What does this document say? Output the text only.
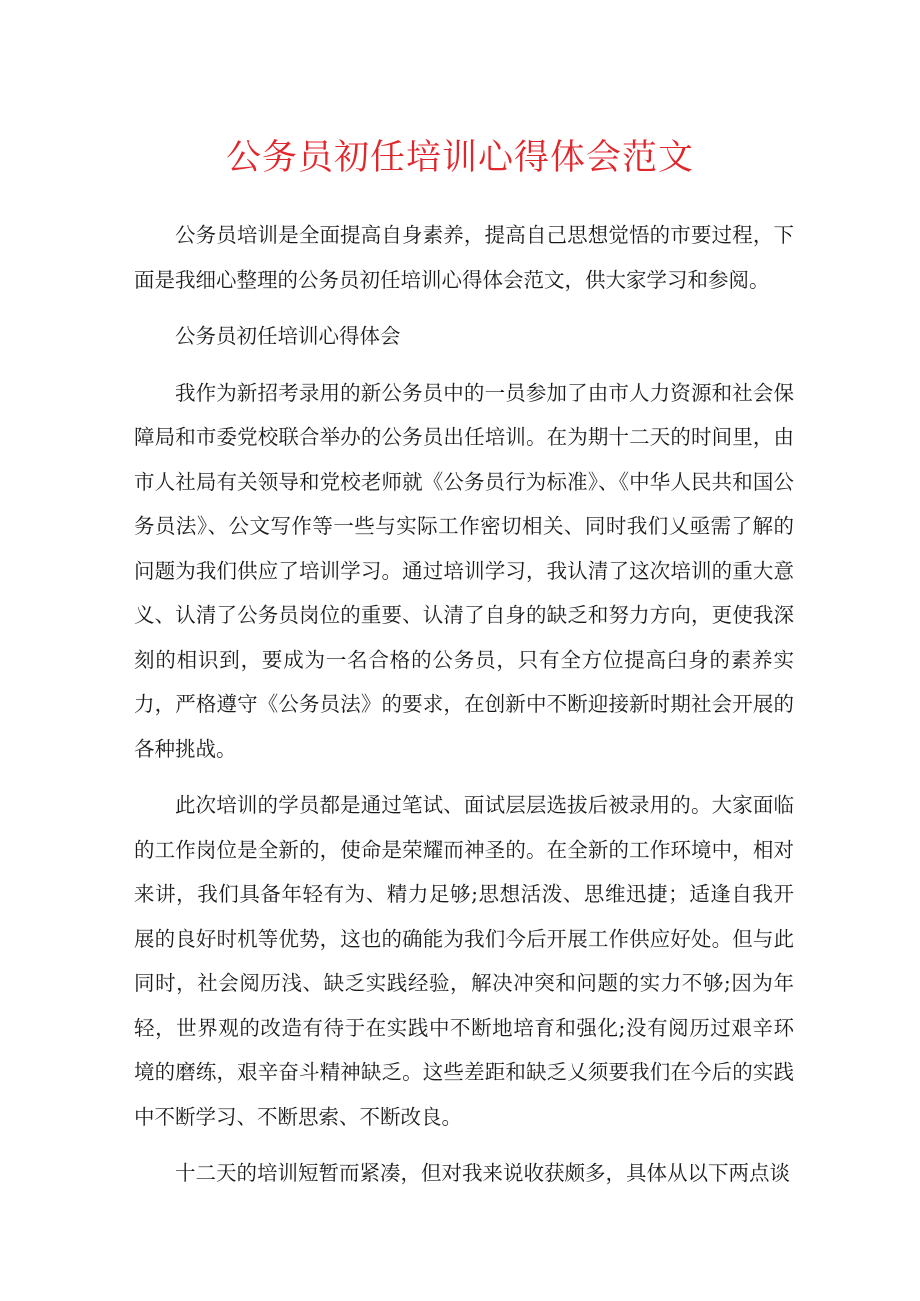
公务员初任培训心得体会范文

公务员培训是全面提高自身素养，提高自己思想觉悟的市要过程，下面是我细心整理的公务员初任培训心得体会范文，供大家学习和参阅。

公务员初任培训心得体会

我作为新招考录用的新公务员中的一员参加了由市人力资源和社会保障局和市委党校联合举办的公务员出任培训。在为期十二天的时间里，由市人社局有关领导和党校老师就《公务员行为标准》、《中华人民共和国公务员法》、公文写作等一些与实际工作密切相关、同时我们乂亟需了解的问题为我们供应了培训学习。通过培训学习，我认清了这次培训的重大意义、认清了公务员岗位的重要、认清了自身的缺乏和努力方向，更使我深刻的相识到，要成为一名合格的公务员，只有全方位提高臼身的素养实力，严格遵守《公务员法》的要求，在创新中不断迎接新时期社会开展的各种挑战。

此次培训的学员都是通过笔试、面试层层选拔后被录用的。大家面临的工作岗位是全新的，使命是荣耀而神圣的。在全新的工作环境中，相对来讲，我们具备年轻有为、精力足够;思想活泼、思维迅捷；适逢自我开展的良好时机等优势，这也的确能为我们今后开展工作供应好处。但与此同时，社会阅历浅、缺乏实践经验，解决冲突和问题的实力不够;因为年轻，世界观的改造有待于在实践中不断地培育和强化;没有阅历过艰辛环境的磨练，艰辛奋斗精神缺乏。这些差距和缺乏乂须要我们在今后的实践中不断学习、不断思索、不断改良。

十二天的培训短暂而紧凑，但对我来说收获颇多，具体从以下两点谈
